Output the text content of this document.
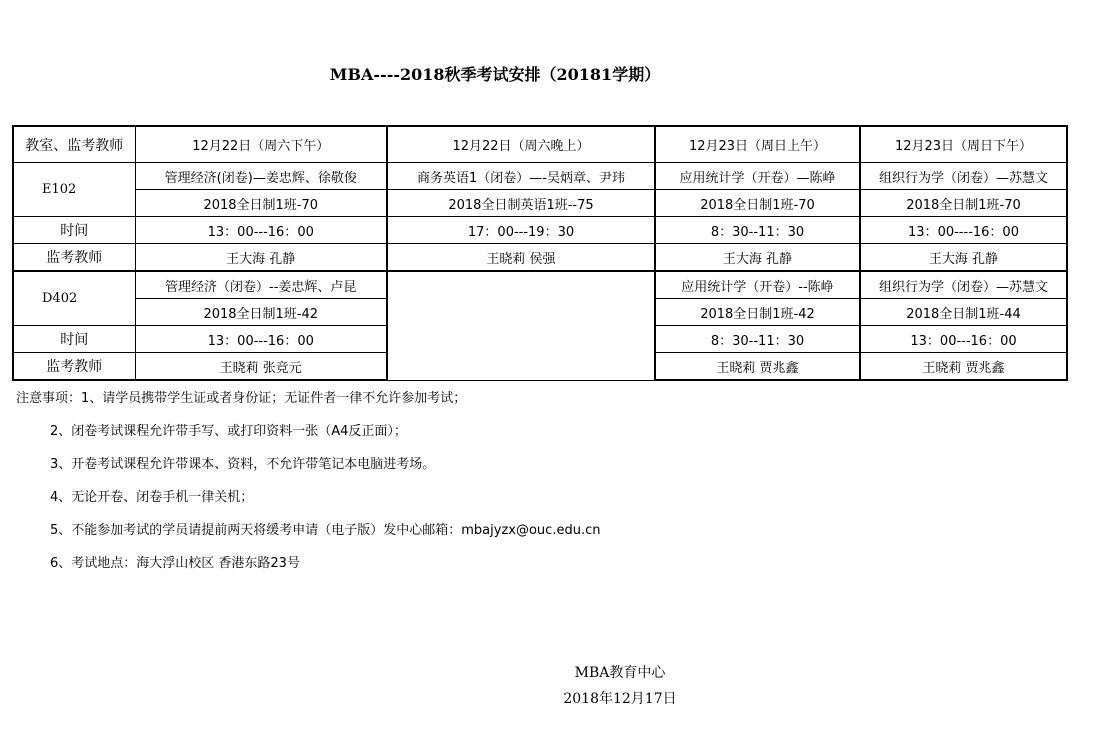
MBA----2018秋季考试安排（20181学期）
教室、监考教师	12月22日（周六下午）	12月22日（周六晚上）	12月23日（周日上午）	12月23日（周日下午）
E102	管理经济(闭卷)—姜忠辉、徐敬俊	商务英语1（闭卷）—-吴炳章、尹玮	应用统计学（开卷）—陈峥	组织行为学（闭卷）—苏慧文
	2018全日制1班-70	2018全日制英语1班--75	2018全日制1班-70	2018全日制1班-70
时间	13：00---16：00	17：00---19：30	8：30--11：30	13：00----16：00
监考教师	王大海 孔静	王晓莉 侯强	王大海 孔静	王大海 孔静
D402	管理经济（闭卷）--姜忠辉、卢昆		应用统计学（开卷）--陈峥	组织行为学（闭卷）—苏慧文
	2018全日制1班-42		2018全日制1班-42	2018全日制1班-44
时间	13：00---16：00		8：30--11：30	13：00---16：00
监考教师	王晓莉 张竞元		王晓莉 贾兆鑫	王晓莉 贾兆鑫
注意事项：1、请学员携带学生证或者身份证；无证件者一律不允许参加考试；
2、闭卷考试课程允许带手写、或打印资料一张（A4反正面）；
3、开卷考试课程允许带课本、资料，不允许带笔记本电脑进考场。
4、无论开卷、闭卷手机一律关机；
5、不能参加考试的学员请提前两天将缓考申请（电子版）发中心邮箱：mbajyzx@ouc.edu.cn
6、考试地点：海大浮山校区 香港东路23号
MBA教育中心
2018年12月17日
